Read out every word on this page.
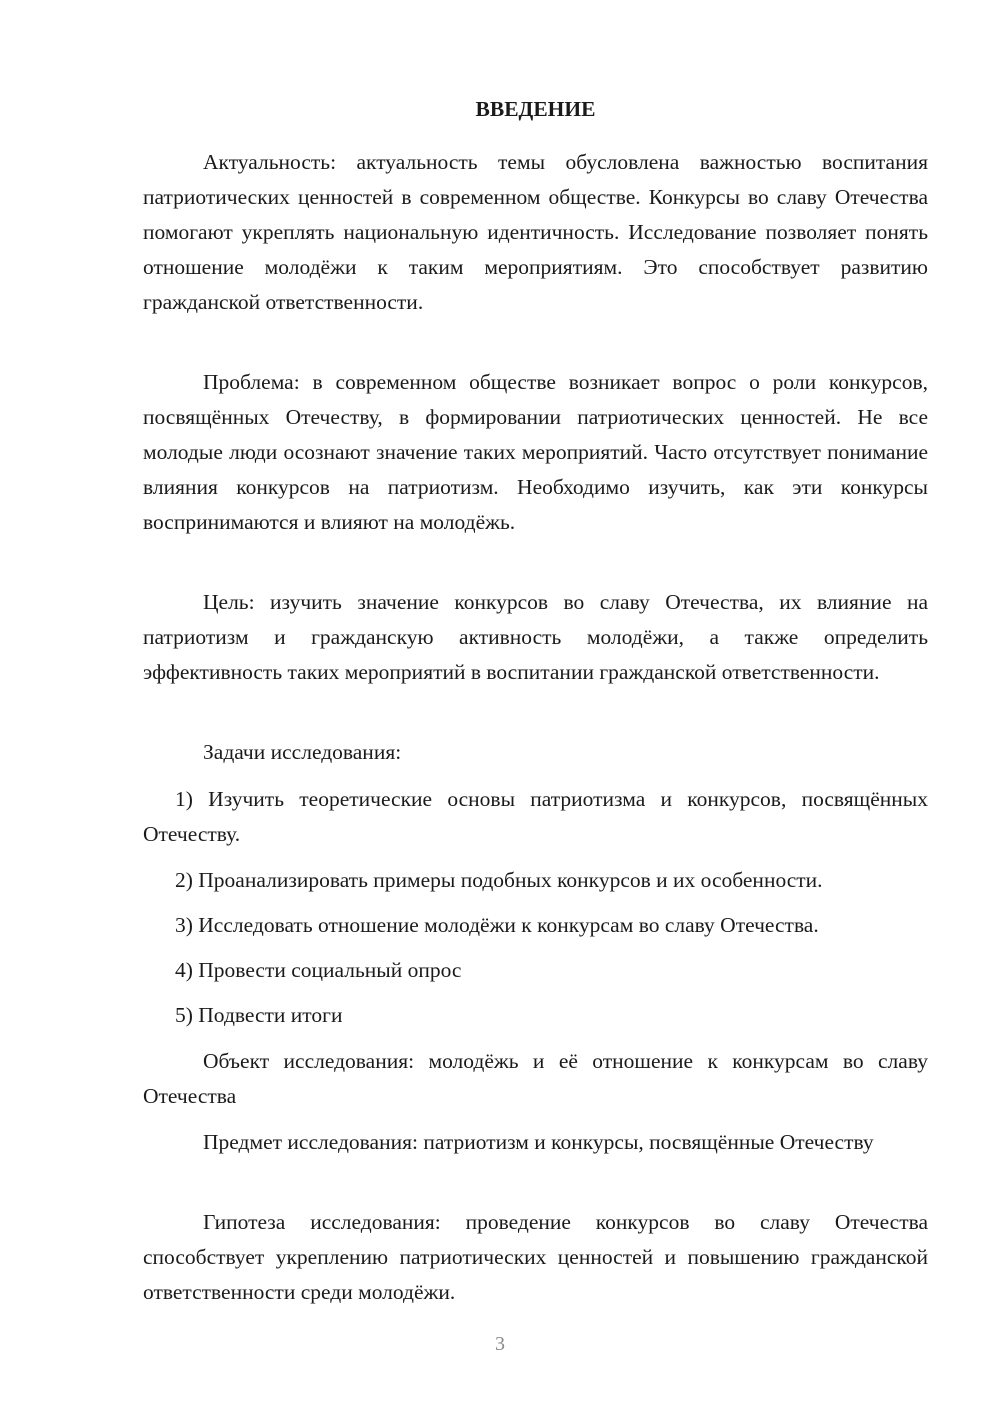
ВВЕДЕНИЕ

Актуальность: актуальность темы обусловлена важностью воспитания патриотических ценностей в современном обществе. Конкурсы во славу Отечества помогают укреплять национальную идентичность. Исследование позволяет понять отношение молодёжи к таким мероприятиям. Это способствует развитию гражданской ответственности.

Проблема: в современном обществе возникает вопрос о роли конкурсов, посвящённых Отечеству, в формировании патриотических ценностей. Не все молодые люди осознают значение таких мероприятий. Часто отсутствует понимание влияния конкурсов на патриотизм. Необходимо изучить, как эти конкурсы воспринимаются и влияют на молодёжь.

Цель: изучить значение конкурсов во славу Отечества, их влияние на патриотизм и гражданскую активность молодёжи, а также определить эффективность таких мероприятий в воспитании гражданской ответственности.

Задачи исследования:

1) Изучить теоретические основы патриотизма и конкурсов, посвящённых Отечеству.

2) Проанализировать примеры подобных конкурсов и их особенности.

3) Исследовать отношение молодёжи к конкурсам во славу Отечества.

4) Провести социальный опрос

5) Подвести итоги

Объект исследования: молодёжь и её отношение к конкурсам во славу Отечества

Предмет исследования: патриотизм и конкурсы, посвящённые Отечеству

Гипотеза исследования: проведение конкурсов во славу Отечества способствует укреплению патриотических ценностей и повышению гражданской ответственности среди молодёжи.

3
